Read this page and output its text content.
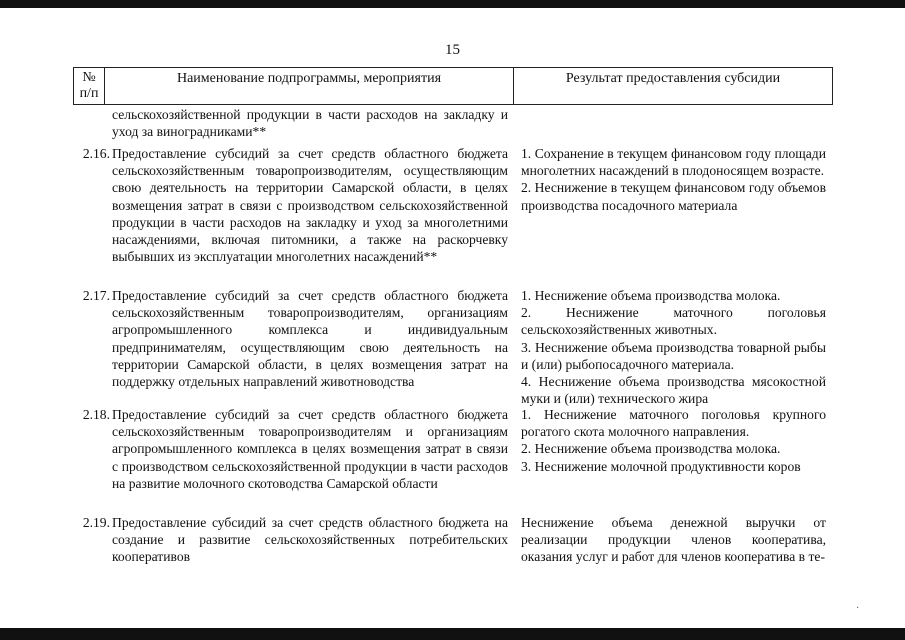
15
№
п/п
Наименование подпрограммы, мероприятия	Результат предоставления субсидии
сельскохозяйственной продукции в части расходов на закладку и уход за виноградниками**
2.16. Предоставление субсидий за счет средств областного бюджета сельскохозяйственным товаропроизводителям, осуществляющим свою деятельность на территории Самарской области, в целях возмещения затрат в связи с производством сельскохозяйственной продукции в части расходов на закладку и уход за многолетними насаждениями, включая питомники, а также на раскорчевку выбывших из эксплуатации многолетних насаждений**

1. Сохранение в текущем финансовом году площади многолетних насаждений в плодоносящем возрасте.

2. Неснижение в текущем финансовом году объемов производства посадочного материала

2.17. Предоставление субсидий за счет средств областного бюджета сельскохозяйственным товаропроизводителям, организациям агропромышленного комплекса и индивидуальным предпринимателям, осуществляющим свою деятельность на территории Самарской области, в целях возмещения затрат на поддержку отдельных направлений животноводства

1. Неснижение объема производства молока.

2. Неснижение маточного поголовья сельскохозяйственных животных.

3. Неснижение объема производства товарной рыбы и (или) рыбопосадочного материала.

4. Неснижение объема производства мясокостной муки и (или) технического жира

2.18. Предоставление субсидий за счет средств областного бюджета сельскохозяйственным товаропроизводителям и организациям агропромышленного комплекса в целях возмещения затрат в связи с производством сельскохозяйственной продукции в части расходов на развитие молочного скотоводства Самарской области

1. Неснижение маточного поголовья крупного рогатого скота молочного направления.

2. Неснижение объема производства молока.

3. Неснижение молочной продуктивности коров

2.19. Предоставление субсидий за счет средств областного бюджета на создание и развитие сельскохозяйственных потребительских кооперативов

Неснижение объема денежной выручки от реализации продукции членов кооператива, оказания услуг и работ для членов кооператива в те-

·
